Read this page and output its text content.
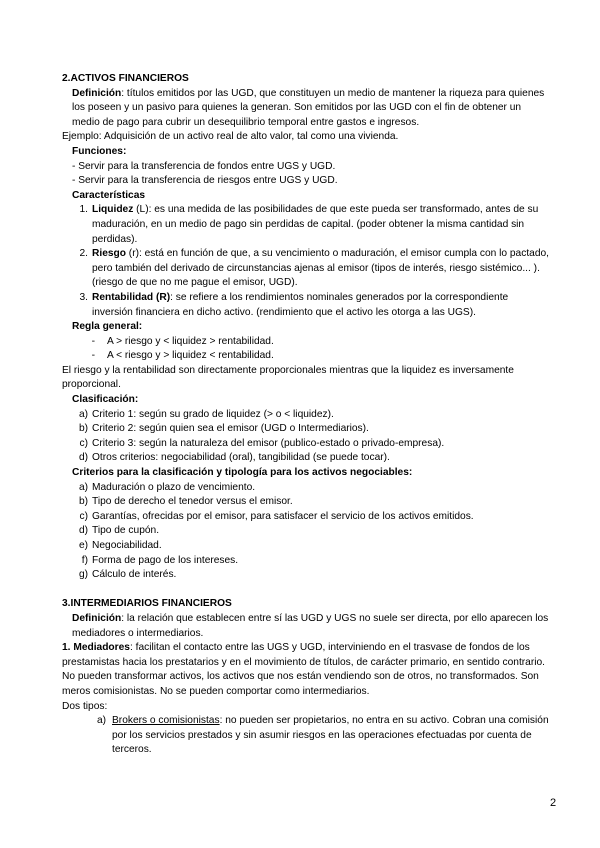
2.ACTIVOS FINANCIEROS
Definición: títulos emitidos por las UGD, que constituyen un medio de mantener la riqueza para quienes los poseen y un pasivo para quienes la generan. Son emitidos por las UGD con el fin de obtener un medio de pago para cubrir un desequilibrio temporal entre gastos e ingresos.
Ejemplo: Adquisición de un activo real de alto valor, tal como una vivienda.
Funciones:
- Servir para la transferencia de fondos entre UGS y UGD.
- Servir para la transferencia de riesgos entre UGS y UGD.
Características
1. Liquidez (L): es una medida de las posibilidades de que este pueda ser transformado, antes de su maduración, en un medio de pago sin perdidas de capital. (poder obtener la misma cantidad sin perdidas).
2. Riesgo (r): está en función de que, a su vencimiento o maduración, el emisor cumpla con lo pactado, pero también del derivado de circunstancias ajenas al emisor (tipos de interés, riesgo sistémico... ). (riesgo de que no me pague el emisor, UGD).
3. Rentabilidad (R): se refiere a los rendimientos nominales generados por la correspondiente inversión financiera en dicho activo. (rendimiento que el activo les otorga a las UGS).
Regla general:
-	A > riesgo y < liquidez > rentabilidad.
-	A < riesgo y > liquidez < rentabilidad.
El riesgo y la rentabilidad son directamente proporcionales mientras que la liquidez es inversamente proporcional.
Clasificación:
a) Criterio 1: según su grado de liquidez (> o < liquidez).
b) Criterio 2: según quien sea el emisor (UGD o Intermediarios).
c) Criterio 3: según la naturaleza del emisor (publico-estado o privado-empresa).
d) Otros criterios: negociabilidad (oral), tangibilidad (se puede tocar).
Criterios para la clasificación y tipología para los activos negociables:
a) Maduración o plazo de vencimiento.
b) Tipo de derecho el tenedor versus el emisor.
c) Garantías, ofrecidas por el emisor, para satisfacer el servicio de los activos emitidos.
d) Tipo de cupón.
e) Negociabilidad.
f) Forma de pago de los intereses.
g) Cálculo de interés.
3.INTERMEDIARIOS FINANCIEROS
Definición: la relación que establecen entre sí las UGD y UGS no suele ser directa, por ello aparecen los mediadores o intermediarios.
1. Mediadores: facilitan el contacto entre las UGS y UGD, interviniendo en el trasvase de fondos de los prestamistas hacia los prestatarios y en el movimiento de títulos, de carácter primario, en sentido contrario. No pueden transformar activos, los activos que nos están vendiendo son de otros, no transformados. Son meros comisionistas. No se pueden comportar como intermediarios.
Dos tipos:
a) Brokers o comisionistas: no pueden ser propietarios, no entra en su activo. Cobran una comisión por los servicios prestados y sin asumir riesgos en las operaciones efectuadas por cuenta de terceros.
2
